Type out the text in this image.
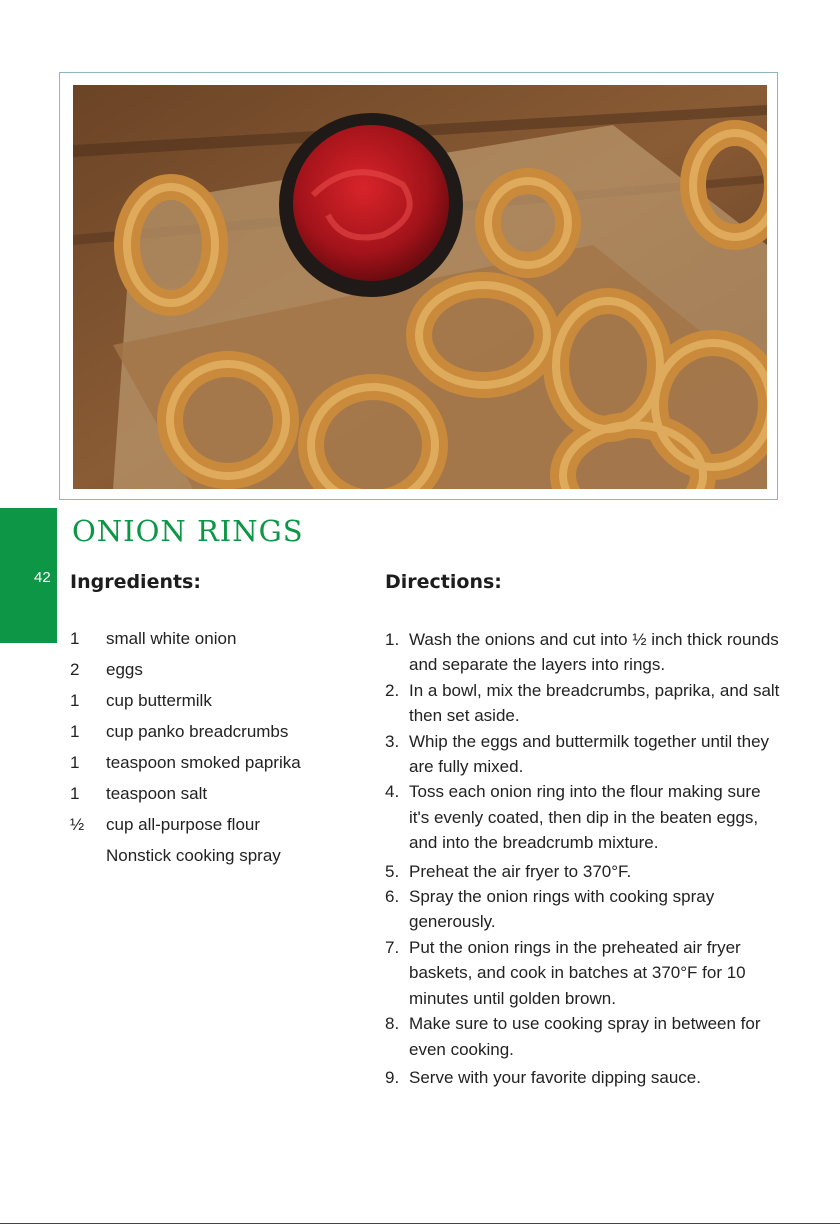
42
ONION RINGS
Ingredients:	Directions:
1	small white onion
2	eggs
1	cup buttermilk
1	cup panko breadcrumbs
1	teaspoon smoked paprika
1	teaspoon salt
½	cup all-purpose flour
Nonstick cooking spray
1. Wash the onions and cut into ½ inch thick rounds and separate the layers into rings.
2. In a bowl, mix the breadcrumbs, paprika, and salt then set aside.
3. Whip the eggs and buttermilk together until they are fully mixed.
4. Toss each onion ring into the flour making sure it's evenly coated, then dip in the beaten eggs, and into the breadcrumb mixture.
5. Preheat the air fryer to 370°F.
6. Spray the onion rings with cooking spray generously.
7. Put the onion rings in the preheated air fryer baskets, and cook in batches at 370°F for 10 minutes until golden brown.
8. Make sure to use cooking spray in between for even cooking.
9. Serve with your favorite dipping sauce.
